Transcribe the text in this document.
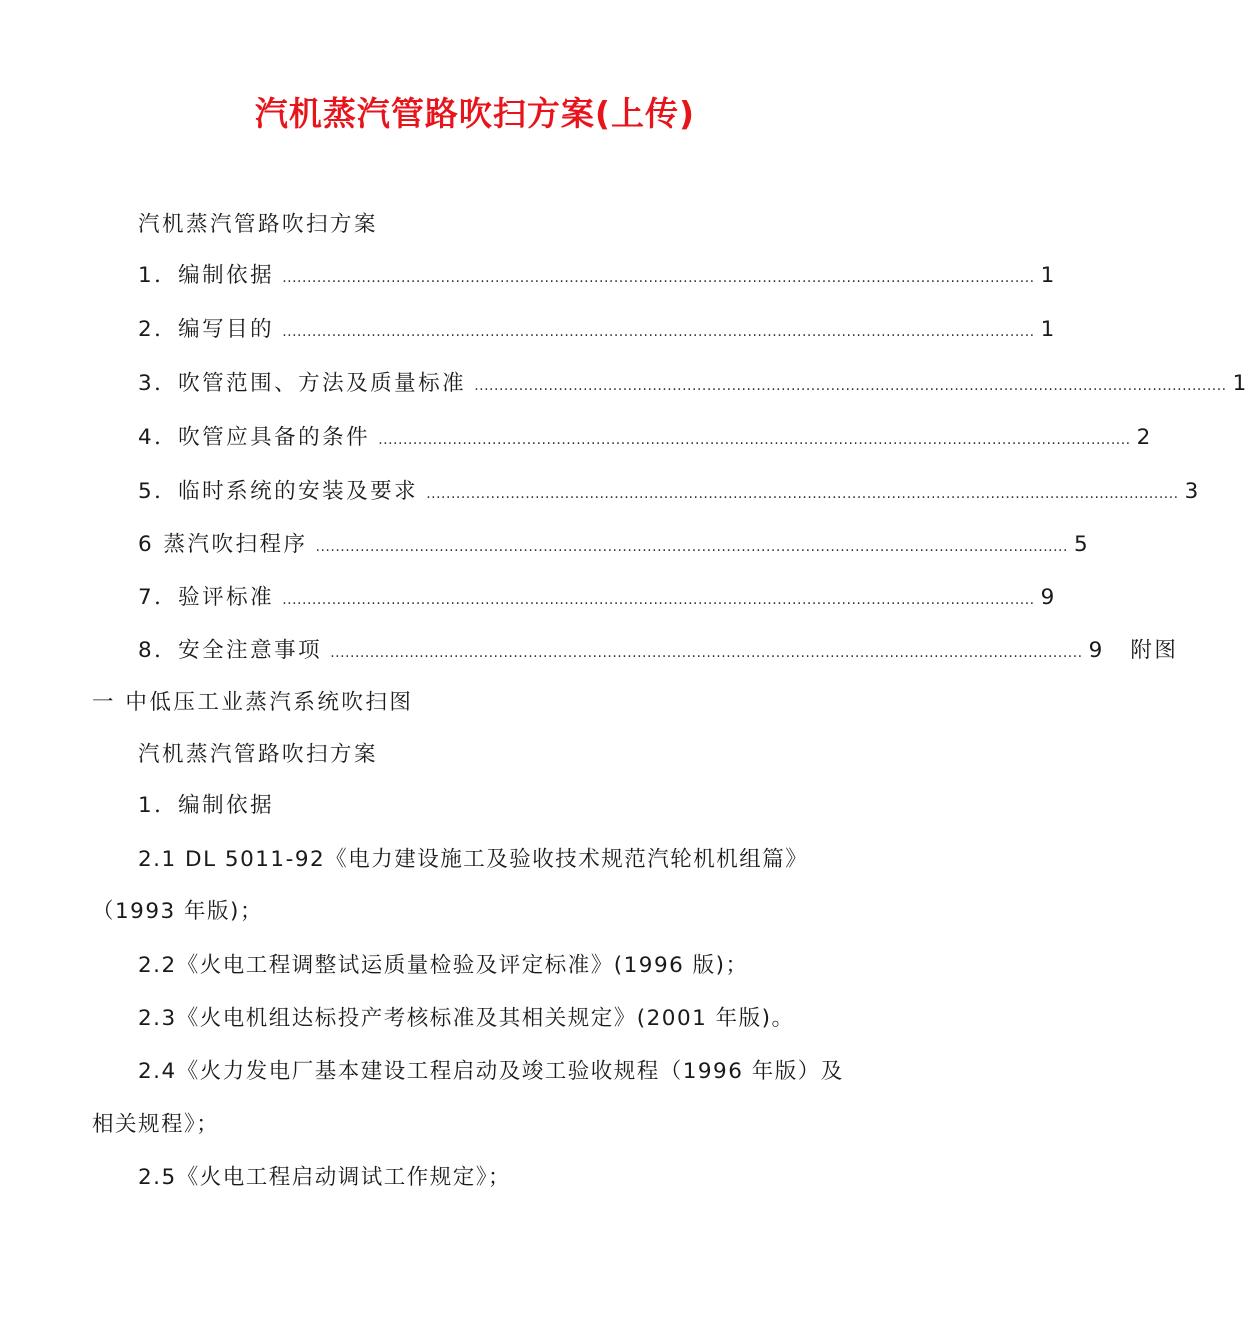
汽机蒸汽管路吹扫方案(上传)
汽机蒸汽管路吹扫方案
1．编制依据 ........................................................................................................................................................ 1
2．编写目的 ........................................................................................................................................................ 1
3．吹管范围、方法及质量标准 ........................................................................................................................................................ 1
4．吹管应具备的条件 ........................................................................................................................................................ 2
5．临时系统的安装及要求 ........................................................................................................................................................ 3
6 蒸汽吹扫程序 ........................................................................................................................................................ 5
7．验评标准 ........................................................................................................................................................ 9
8．安全注意事项 ........................................................................................................................................................ 9 附图
一 中低压工业蒸汽系统吹扫图
汽机蒸汽管路吹扫方案
1．编制依据
2.1 DL 5011-92《电力建设施工及验收技术规范汽轮机机组篇》
（1993 年版)；
2.2《火电工程调整试运质量检验及评定标准》(1996 版)；
2.3《火电机组达标投产考核标准及其相关规定》(2001 年版)。
2.4《火力发电厂基本建设工程启动及竣工验收规程（1996 年版）及
相关规程》；
2.5《火电工程启动调试工作规定》；
